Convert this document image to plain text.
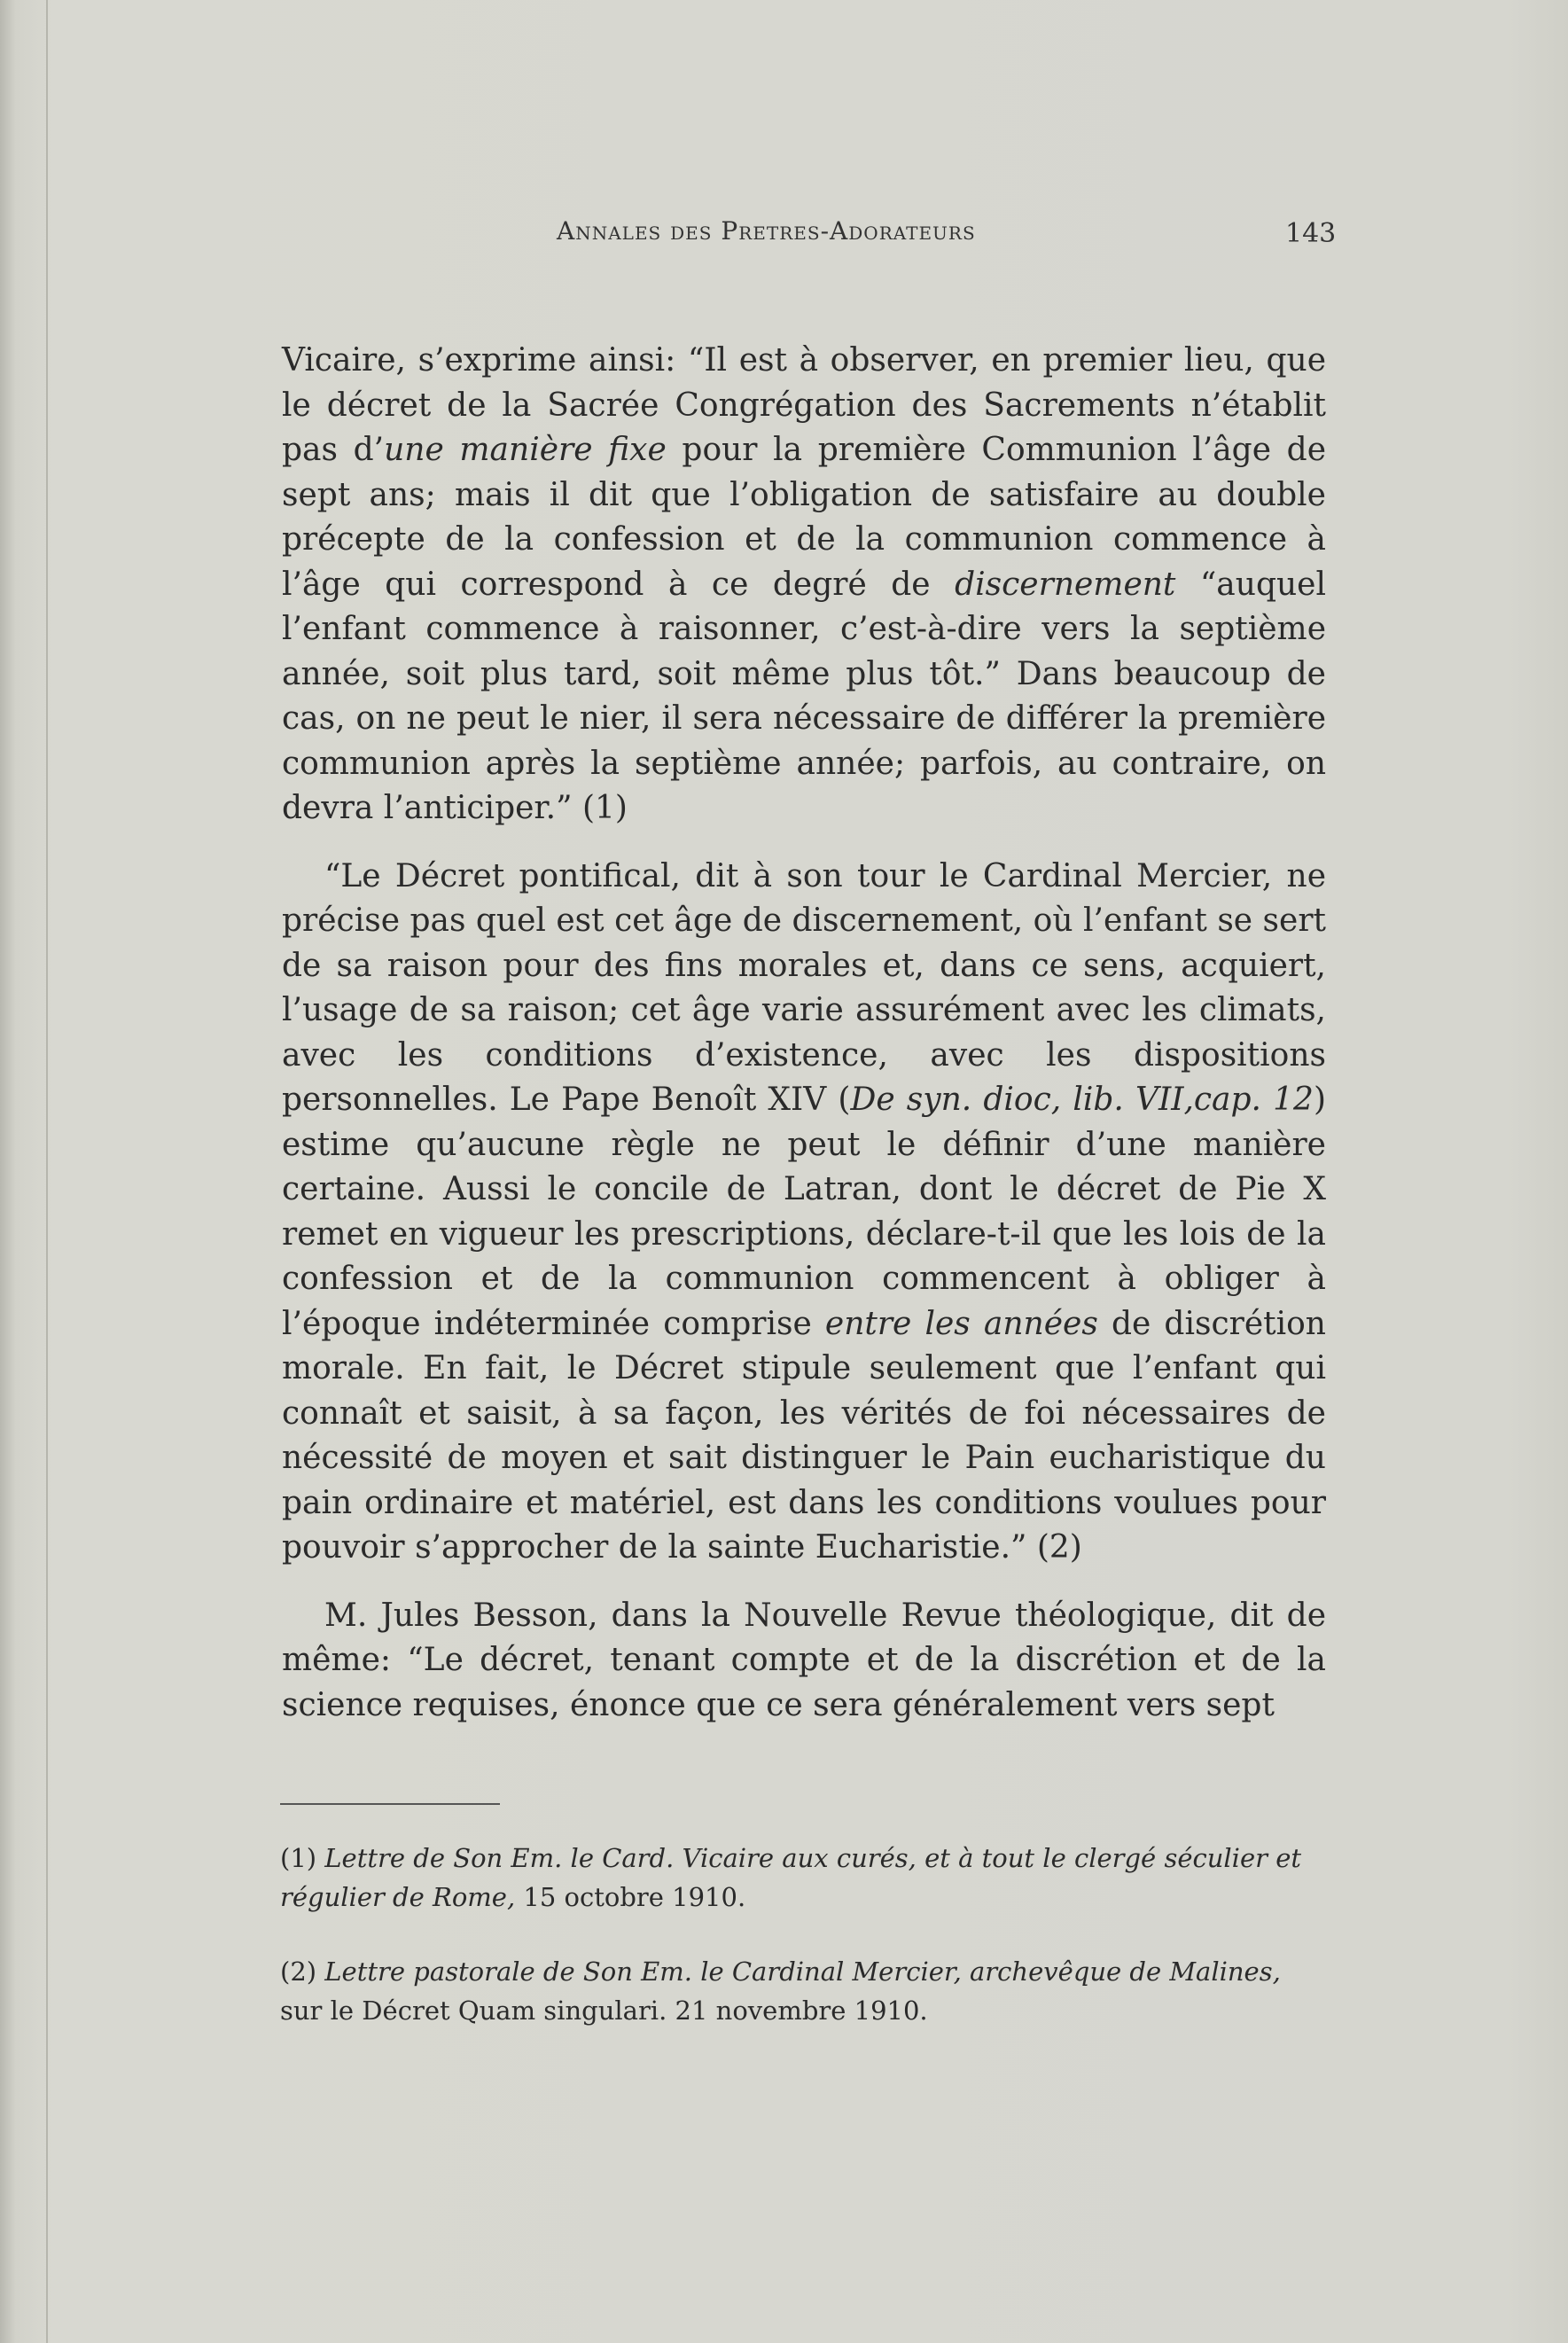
Annales des Pretres-Adorateurs	143

Vicaire, s’exprime ainsi: “Il est à observer, en premier lieu, que le décret de la Sacrée Congrégation des Sacrements n’établit pas d’une manière fixe pour la première Communion l’âge de sept ans; mais il dit que l’obligation de satisfaire au double précepte de la confession et de la communion commence à l’âge qui correspond à ce degré de discernement “auquel l’enfant commence à raisonner, c’est-à-dire vers la septième année, soit plus tard, soit même plus tôt.” Dans beaucoup de cas, on ne peut le nier, il sera nécessaire de différer la première communion après la septième année; parfois, au contraire, on devra l’anticiper.” (1)

“Le Décret pontifical, dit à son tour le Cardinal Mercier, ne précise pas quel est cet âge de discernement, où l’enfant se sert de sa raison pour des fins morales et, dans ce sens, acquiert, l’usage de sa raison; cet âge varie assurément avec les climats, avec les conditions d’existence, avec les dispositions personnelles. Le Pape Benoît XIV (De syn. dioc, lib. VII,cap. 12) estime qu’aucune règle ne peut le définir d’une manière certaine. Aussi le concile de Latran, dont le décret de Pie X remet en vigueur les prescriptions, déclare-t-il que les lois de la confession et de la communion commencent à obliger à l’époque indéterminée comprise entre les années de discrétion morale. En fait, le Décret stipule seulement que l’enfant qui connaît et saisit, à sa façon, les vérités de foi nécessaires de nécessité de moyen et sait distinguer le Pain eucharistique du pain ordinaire et matériel, est dans les conditions voulues pour pouvoir s’approcher de la sainte Eucharistie.” (2)

M. Jules Besson, dans la Nouvelle Revue théologique, dit de même: “Le décret, tenant compte et de la discrétion et de la science requises, énonce que ce sera généralement vers sept

(1) Lettre de Son Em. le Card. Vicaire aux curés, et à tout le clergé séculier et régulier de Rome, 15 octobre 1910.

(2) Lettre pastorale de Son Em. le Cardinal Mercier, archevêque de Malines, sur le Décret Quam singulari. 21 novembre 1910.
